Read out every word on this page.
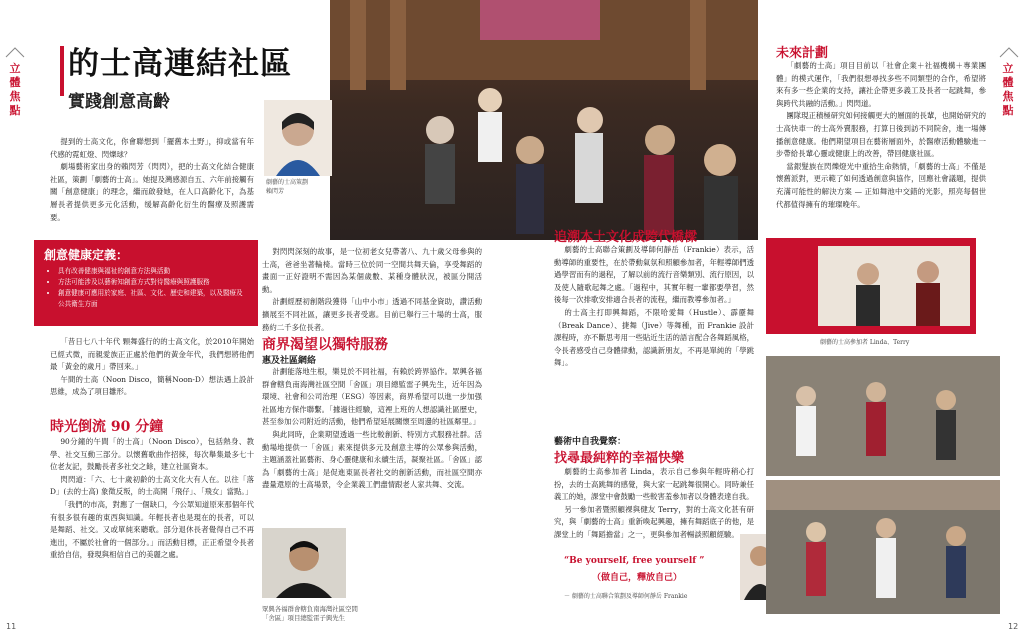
立體焦點
立體焦點
的士高連結社區
實踐創意高齡
劇藝的士高策劃
賴閃芳

提到的士高文化，你會聯想到「擺舊本土野」，抑或當有年代感的霓虹燈、閃爍球？

劇場藝術家出身的賴閃芳（閃閃），把的士高文化結合健康社區，策劃「劇藝的士高」。她提及灣感源自五、六年前接觸有關「創意健康」的理念，繼而啟發她，在人口高齡化下，為基層長者提供更多元化活動，缓解高齡化衍生的醫療及照護需要。

創意健康定義：
• 具有改善健康與福祉的創意方法與活動
• 方法可能涉及以藝術知創意方式對待醫療與照護服務
• 創意健康可應用於家庭、社區、文化、歷史和建築，以及醫療及公共衛生方面

「昔日七八十年代 顆舞盛行的的士高文化，於2010年開始已經式微，而親愛族正正處於他們的黃金年代，我們想將他們最「黃金的歲月」帶回來。」

午間的士高（Noon Disco，簡稱Noon-D）想法遇上設計思維，成為了項目雛形。

時光倒流 90 分鐘

90分鐘的午間「的士高」（Noon Disco），包括熱身、教學、社交互動三部分。以懷舊歌曲作招徠，每次舉集最多七十位老友記，鼓勵長者多社交之餘，建立社區資本。

閃閃道：「六、七十歲初齡的士高文化大有人在。以往「落 D」(去的士高) 象徵反叛，的士高開「飛仔」、「飛女」當點。」

「我們的市高，對應了一個缺口，今公眾知道原來那個年代有很多很有趣的東西與知識。年輕長者也是現在的長者，可以是舞蹈、社交。又或單純來聽歌。部分退休長者覺得自己不再進出，不屬於社會的一個部分。」而活動目標，正正希望令長者重拾自信，發現與相信自己的美麗之處。

對閃閃深刻的故事，是一位初老女兒帶著八、九十歲父母參與的士高，爸爸坐著輪椅。當時三位於同一空間共舞天倫，享受舞蹈的畫面一正好證明不需因為某個歲數、某種身體狀況，被區分開活動。

計劃經歷初創階段獲得「山中小市」透過不同基金資助，讚活動擴展至不同社區，讓更多長者受惠。目前已舉行三十場的士高，服務約二千多位長者。

商界渴望以獨特服務
惠及社區網絡

計劃能落地生根，樂見於不同社福，有賴於跨界協作。眾興各福群會轄負南海灣社區空間「舍區」項目總監雷子興先生，近年因為環境、社會和公司治理（ESG）等因素，商界希望可以進一步加强社區地方保作聯繫。「據過往經驗，這裡上班的人想認識社區歷史，甚至参加公司附近的活動，他們希望延展關懷至周邊的社區鄰里。」

與此同時，企業期望透過一些比較創新、特別方式服務社群。活動場地提供一「舍區」素來提供多元及創意主導的公眾參與活動，主題涵蓋社區藝術、身心靈健康和永續生活，凝聚社區。「舍區」認為「劇藝的士高」是促進東區長者社交的創新活動，而社區空間亦盡量還原的士高場景，令企業義工們盡情跟老人家共舞、交流。

眾興各福群會轄負南海灣社區空間
「舍區」項目總監雷子興先生
追溯本土文化成跨代橋樑

劇藝的士高聯合策劃及導師何靜岳（Frankie）表示，活動導師的重要性，在於帶動氣氛和照顧參加者，年輕導師們透過學習而有的過程，了解以前的流行音樂類別、流行原因，以及使人隨歌起舞之處。「過程中，其實年輕一輩都要學習，然後每一次排歌安排適合長者的流程，繼而教導參加者。」

的士高主打即興舞蹈，不限哈愛舞（Hustle）、霹靂舞（Break Dance）、捷舞（Jive）等舞種，而 Frankie 設計課程時，亦不斷思考用一些貼近生活的語言配合各舞蹈風格，令長者感受自己身體律動，認識新朋友，不再是單純的「學跳舞」。

藝術中自我覺察：
找尋最純粹的幸福快樂

劇藝的士高參加者 Linda，表示自己參與年輕時稍心打扮，去的士高跳舞的感覺，與大家一起跳舞很開心。同時兼任義工的她，課堂中會鼓勵一些較害羞參加者以身體表達自我。

另一參加者暨照顧裸與健友 Terry，對的士高文化甚有研究，與「劇藝的士高」重新喚起興趣，擁有舞蹈底子的他，是課堂上的「舞蹈擔當」之一，更與參加者暢談照顧經驗。

“Be yourself, free yourself ”
（做自己，釋放自己）
－ 劇藝的士高聯合策劃及導師何靜岳 Frankie
未來計劃

「劇藝的士高」項目目前以「社會企業＋社福機構＋專業團體」的模式運作，「我們很想尋找多些不同類型的合作，希望將來有多一些企業的支持，讓社企帶更多義工及長者一起跳舞，參與跨代共融的活動。」閃閃道。

團隊現正積極研究如何接觸更大的層面的長輩，也開始研究的士高快車一的士高外賣服務，打算日後到訪不同院舍，進一場傳播創意健康。他們期望項目在藝術層面外，於醫療活動體驗進一步帶給長輩心靈或健康上的改善，帶回健康社區。

當銀髮族在閃爍燈光中重拾生命熱情，「劇藝的士高」不僅是懷舊派對，更示範了如何透過創意與協作，回應社會議題，提供充滿可能性的解決方案 — 正如舞池中交錯的光影，照亮每個世代都值得擁有的璀璨晚年。

劇藝的士高參加者 Linda、Terry
11	12
